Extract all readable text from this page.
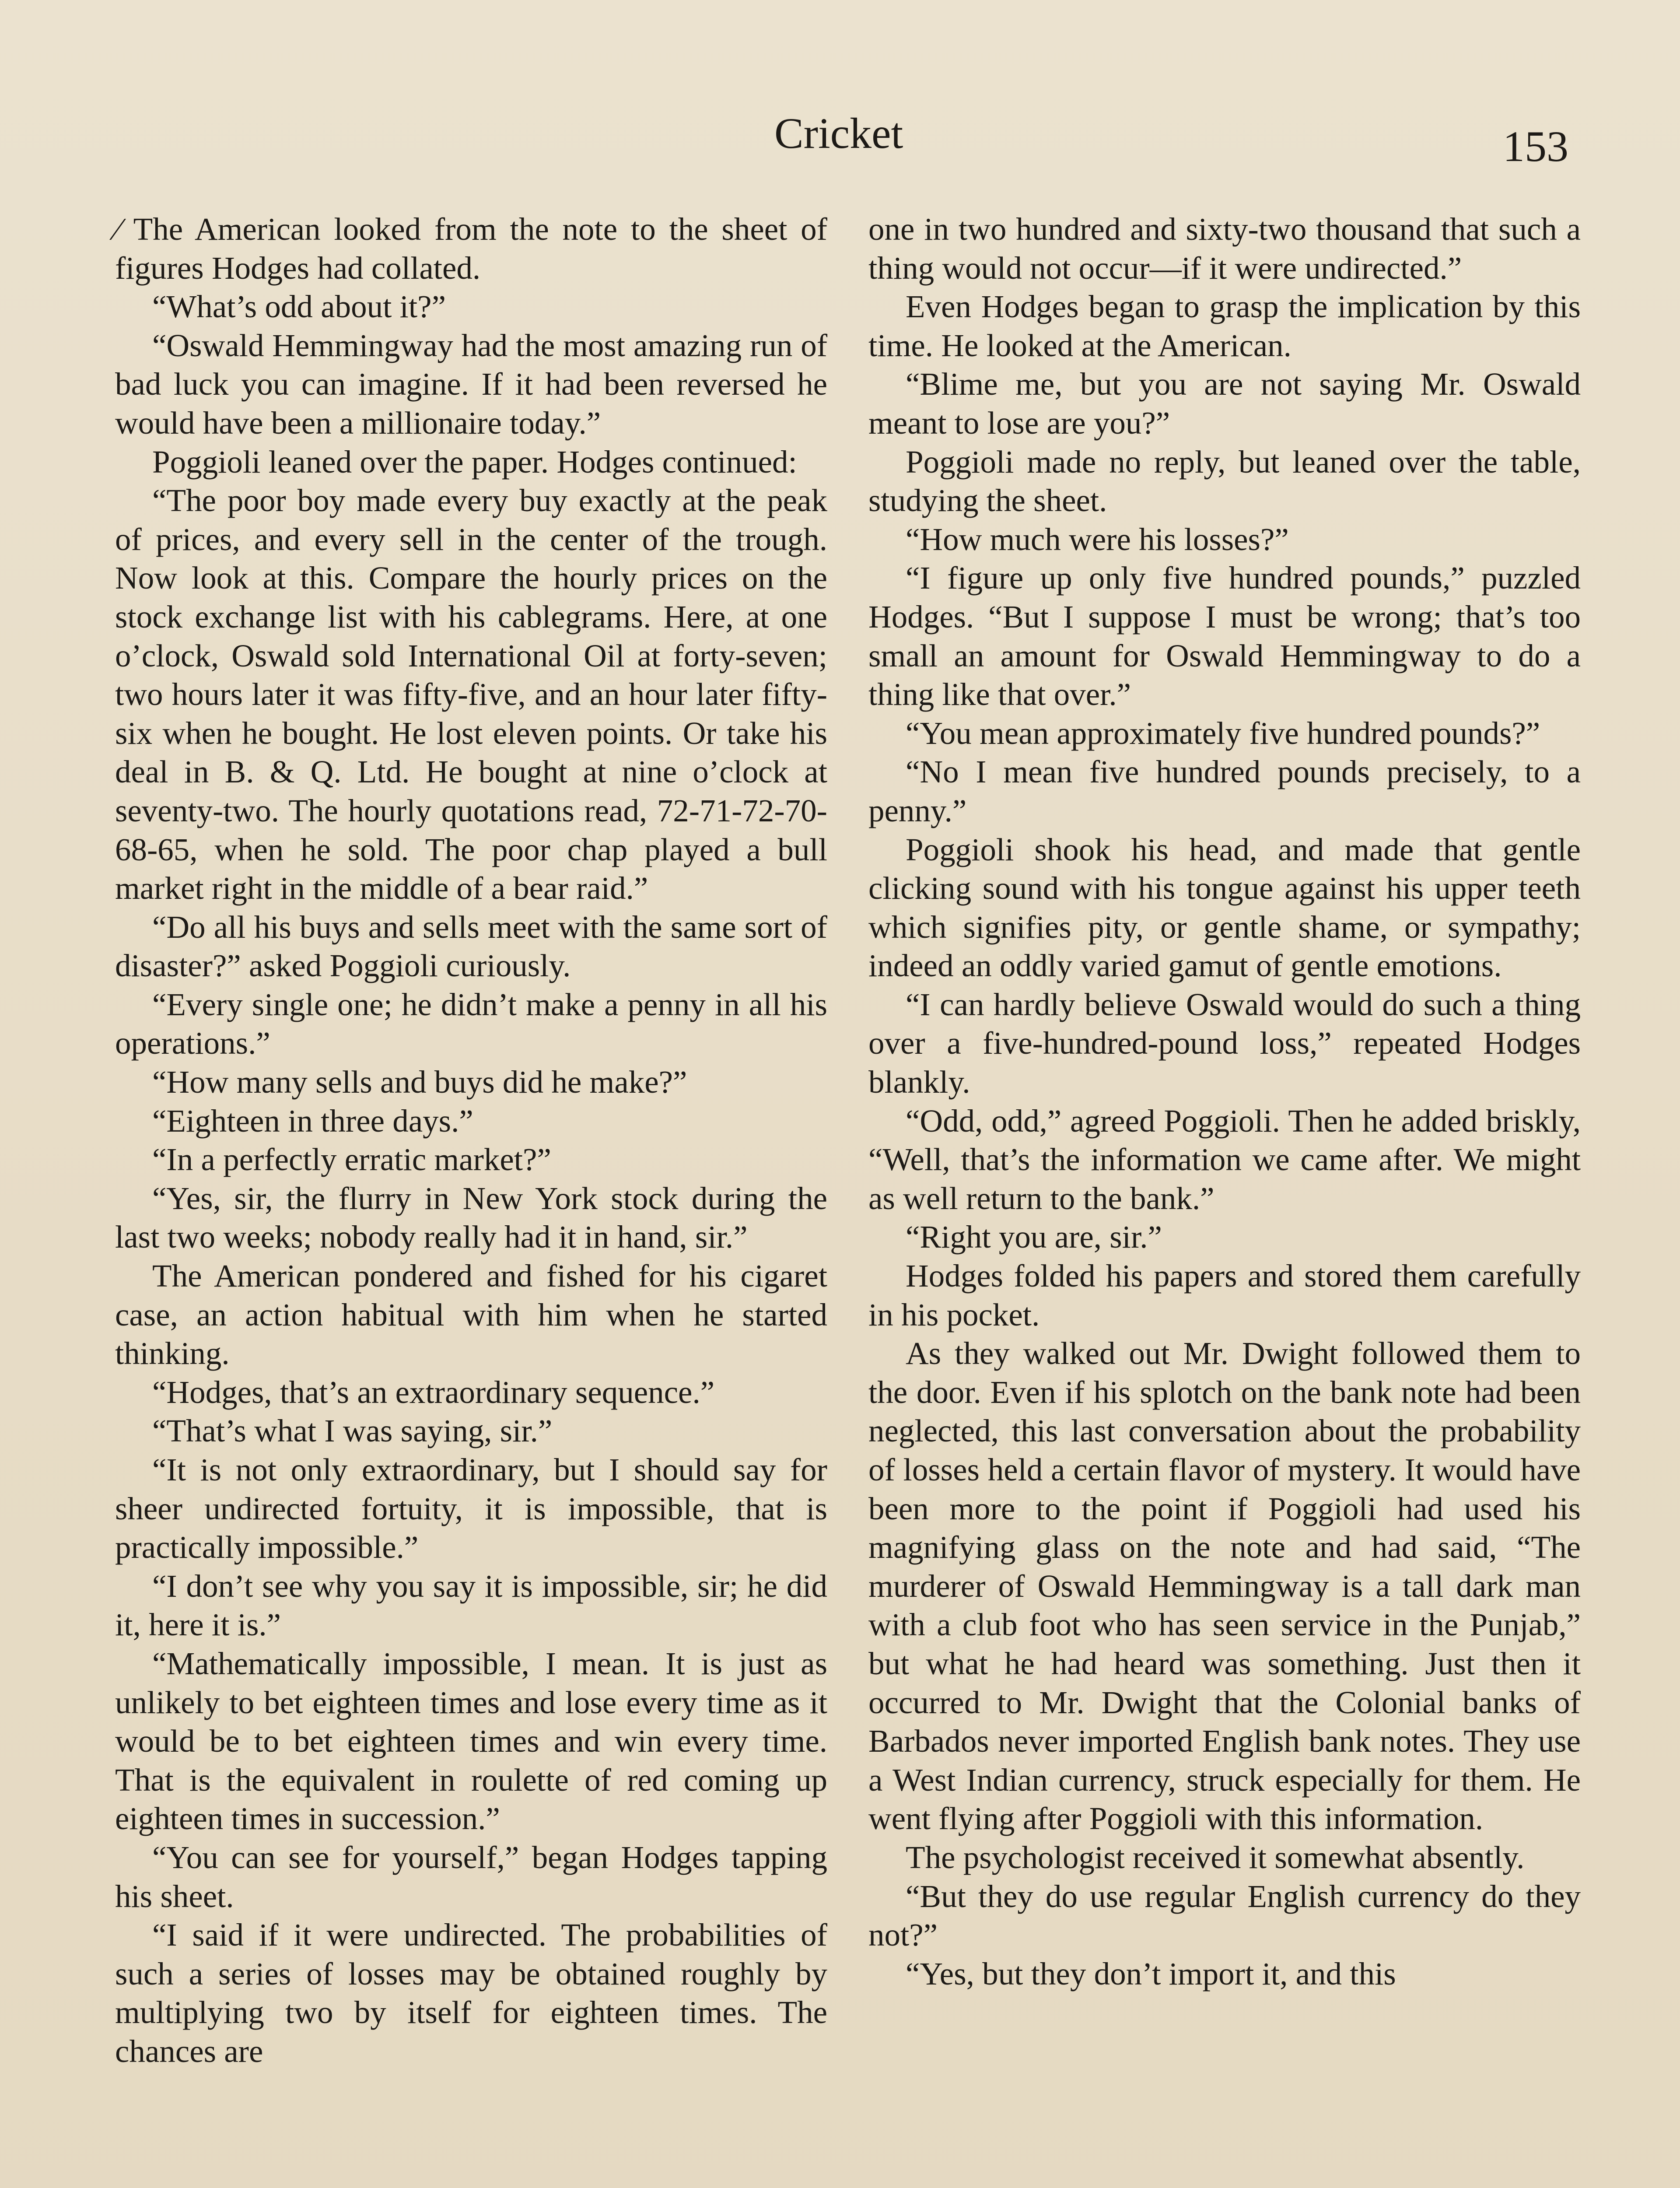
Cricket	153

⁄ The American looked from the note to the sheet of figures Hodges had collated.

“What’s odd about it?”

“Oswald Hemmingway had the most amazing run of bad luck you can imagine. If it had been reversed he would have been a millionaire today.”

Poggioli leaned over the paper. Hodges continued:

“The poor boy made every buy exactly at the peak of prices, and every sell in the center of the trough. Now look at this. Compare the hourly prices on the stock exchange list with his cablegrams. Here, at one o’clock, Oswald sold International Oil at forty-seven; two hours later it was fifty-five, and an hour later fifty-six when he bought. He lost eleven points. Or take his deal in B. & Q. Ltd. He bought at nine o’clock at seventy-two. The hourly quotations read, 72-71-72-70-68-65, when he sold. The poor chap played a bull market right in the middle of a bear raid.”

“Do all his buys and sells meet with the same sort of disaster?” asked Poggioli curiously.

“Every single one; he didn’t make a penny in all his operations.”

“How many sells and buys did he make?”

“Eighteen in three days.”

“In a perfectly erratic market?”

“Yes, sir, the flurry in New York stock during the last two weeks; nobody really had it in hand, sir.”

The American pondered and fished for his cigaret case, an action habitual with him when he started thinking.

“Hodges, that’s an extraordinary sequence.”

“That’s what I was saying, sir.”

“It is not only extraordinary, but I should say for sheer undirected fortuity, it is impossible, that is practically impossible.”

“I don’t see why you say it is impossible, sir; he did it, here it is.”

“Mathematically impossible, I mean. It is just as unlikely to bet eighteen times and lose every time as it would be to bet eighteen times and win every time. That is the equivalent in roulette of red coming up eighteen times in succession.”

“You can see for yourself,” began Hodges tapping his sheet.

“I said if it were undirected. The probabilities of such a series of losses may be obtained roughly by multiplying two by itself for eighteen times. The chances are

one in two hundred and sixty-two thousand that such a thing would not occur—if it were undirected.”

Even Hodges began to grasp the implication by this time. He looked at the American.

“Blime me, but you are not saying Mr. Oswald meant to lose are you?”

Poggioli made no reply, but leaned over the table, studying the sheet.

“How much were his losses?”

“I figure up only five hundred pounds,” puzzled Hodges. “But I suppose I must be wrong; that’s too small an amount for Oswald Hemmingway to do a thing like that over.”

“You mean approximately five hundred pounds?”

“No I mean five hundred pounds precisely, to a penny.”

Poggioli shook his head, and made that gentle clicking sound with his tongue against his upper teeth which signifies pity, or gentle shame, or sympathy; indeed an oddly varied gamut of gentle emotions.

“I can hardly believe Oswald would do such a thing over a five-hundred-pound loss,” repeated Hodges blankly.

“Odd, odd,” agreed Poggioli. Then he added briskly, “Well, that’s the information we came after. We might as well return to the bank.”

“Right you are, sir.”

Hodges folded his papers and stored them carefully in his pocket.

As they walked out Mr. Dwight followed them to the door. Even if his splotch on the bank note had been neglected, this last conversation about the probability of losses held a certain flavor of mystery. It would have been more to the point if Poggioli had used his magnifying glass on the note and had said, “The murderer of Oswald Hemmingway is a tall dark man with a club foot who has seen service in the Punjab,” but what he had heard was something. Just then it occurred to Mr. Dwight that the Colonial banks of Barbados never imported English bank notes. They use a West Indian currency, struck especially for them. He went flying after Poggioli with this information.

The psychologist received it somewhat absently.

“But they do use regular English currency do they not?”

“Yes, but they don’t import it, and this
